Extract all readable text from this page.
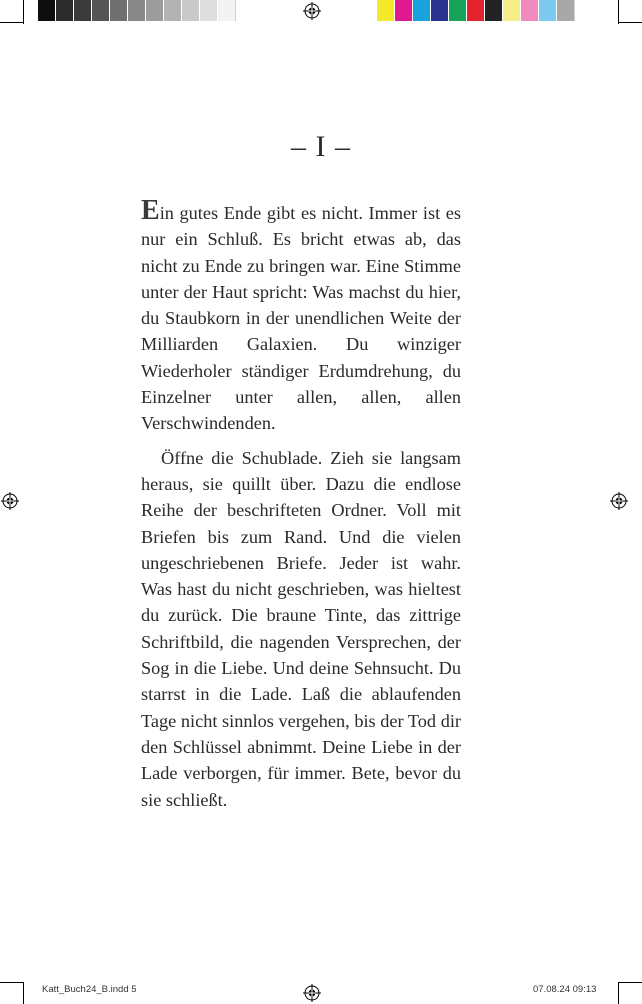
– I –

Ein gutes Ende gibt es nicht. Immer ist es nur ein Schluß. Es bricht etwas ab, das nicht zu Ende zu bringen war. Eine Stimme unter der Haut spricht: Was machst du hier, du Staubkorn in der unendlichen Weite der Milliarden Galaxien. Du winziger Wiederholer ständiger Erdumdrehung, du Einzelner unter allen, allen, allen Verschwindenden.

Öffne die Schublade. Zieh sie langsam heraus, sie quillt über. Dazu die endlose Reihe der beschrifteten Ordner. Voll mit Briefen bis zum Rand. Und die vielen ungeschriebenen Briefe. Jeder ist wahr. Was hast du nicht geschrieben, was hieltest du zurück. Die braune Tinte, das zittrige Schriftbild, die nagenden Versprechen, der Sog in die Liebe. Und deine Sehnsucht. Du starrst in die Lade. Laß die ablaufenden Tage nicht sinnlos vergehen, bis der Tod dir den Schlüssel abnimmt. Deine Liebe in der Lade verborgen, für immer. Bete, bevor du sie schließt.

Katt_Buch24_B.indd 5	07.08.24 09:13
